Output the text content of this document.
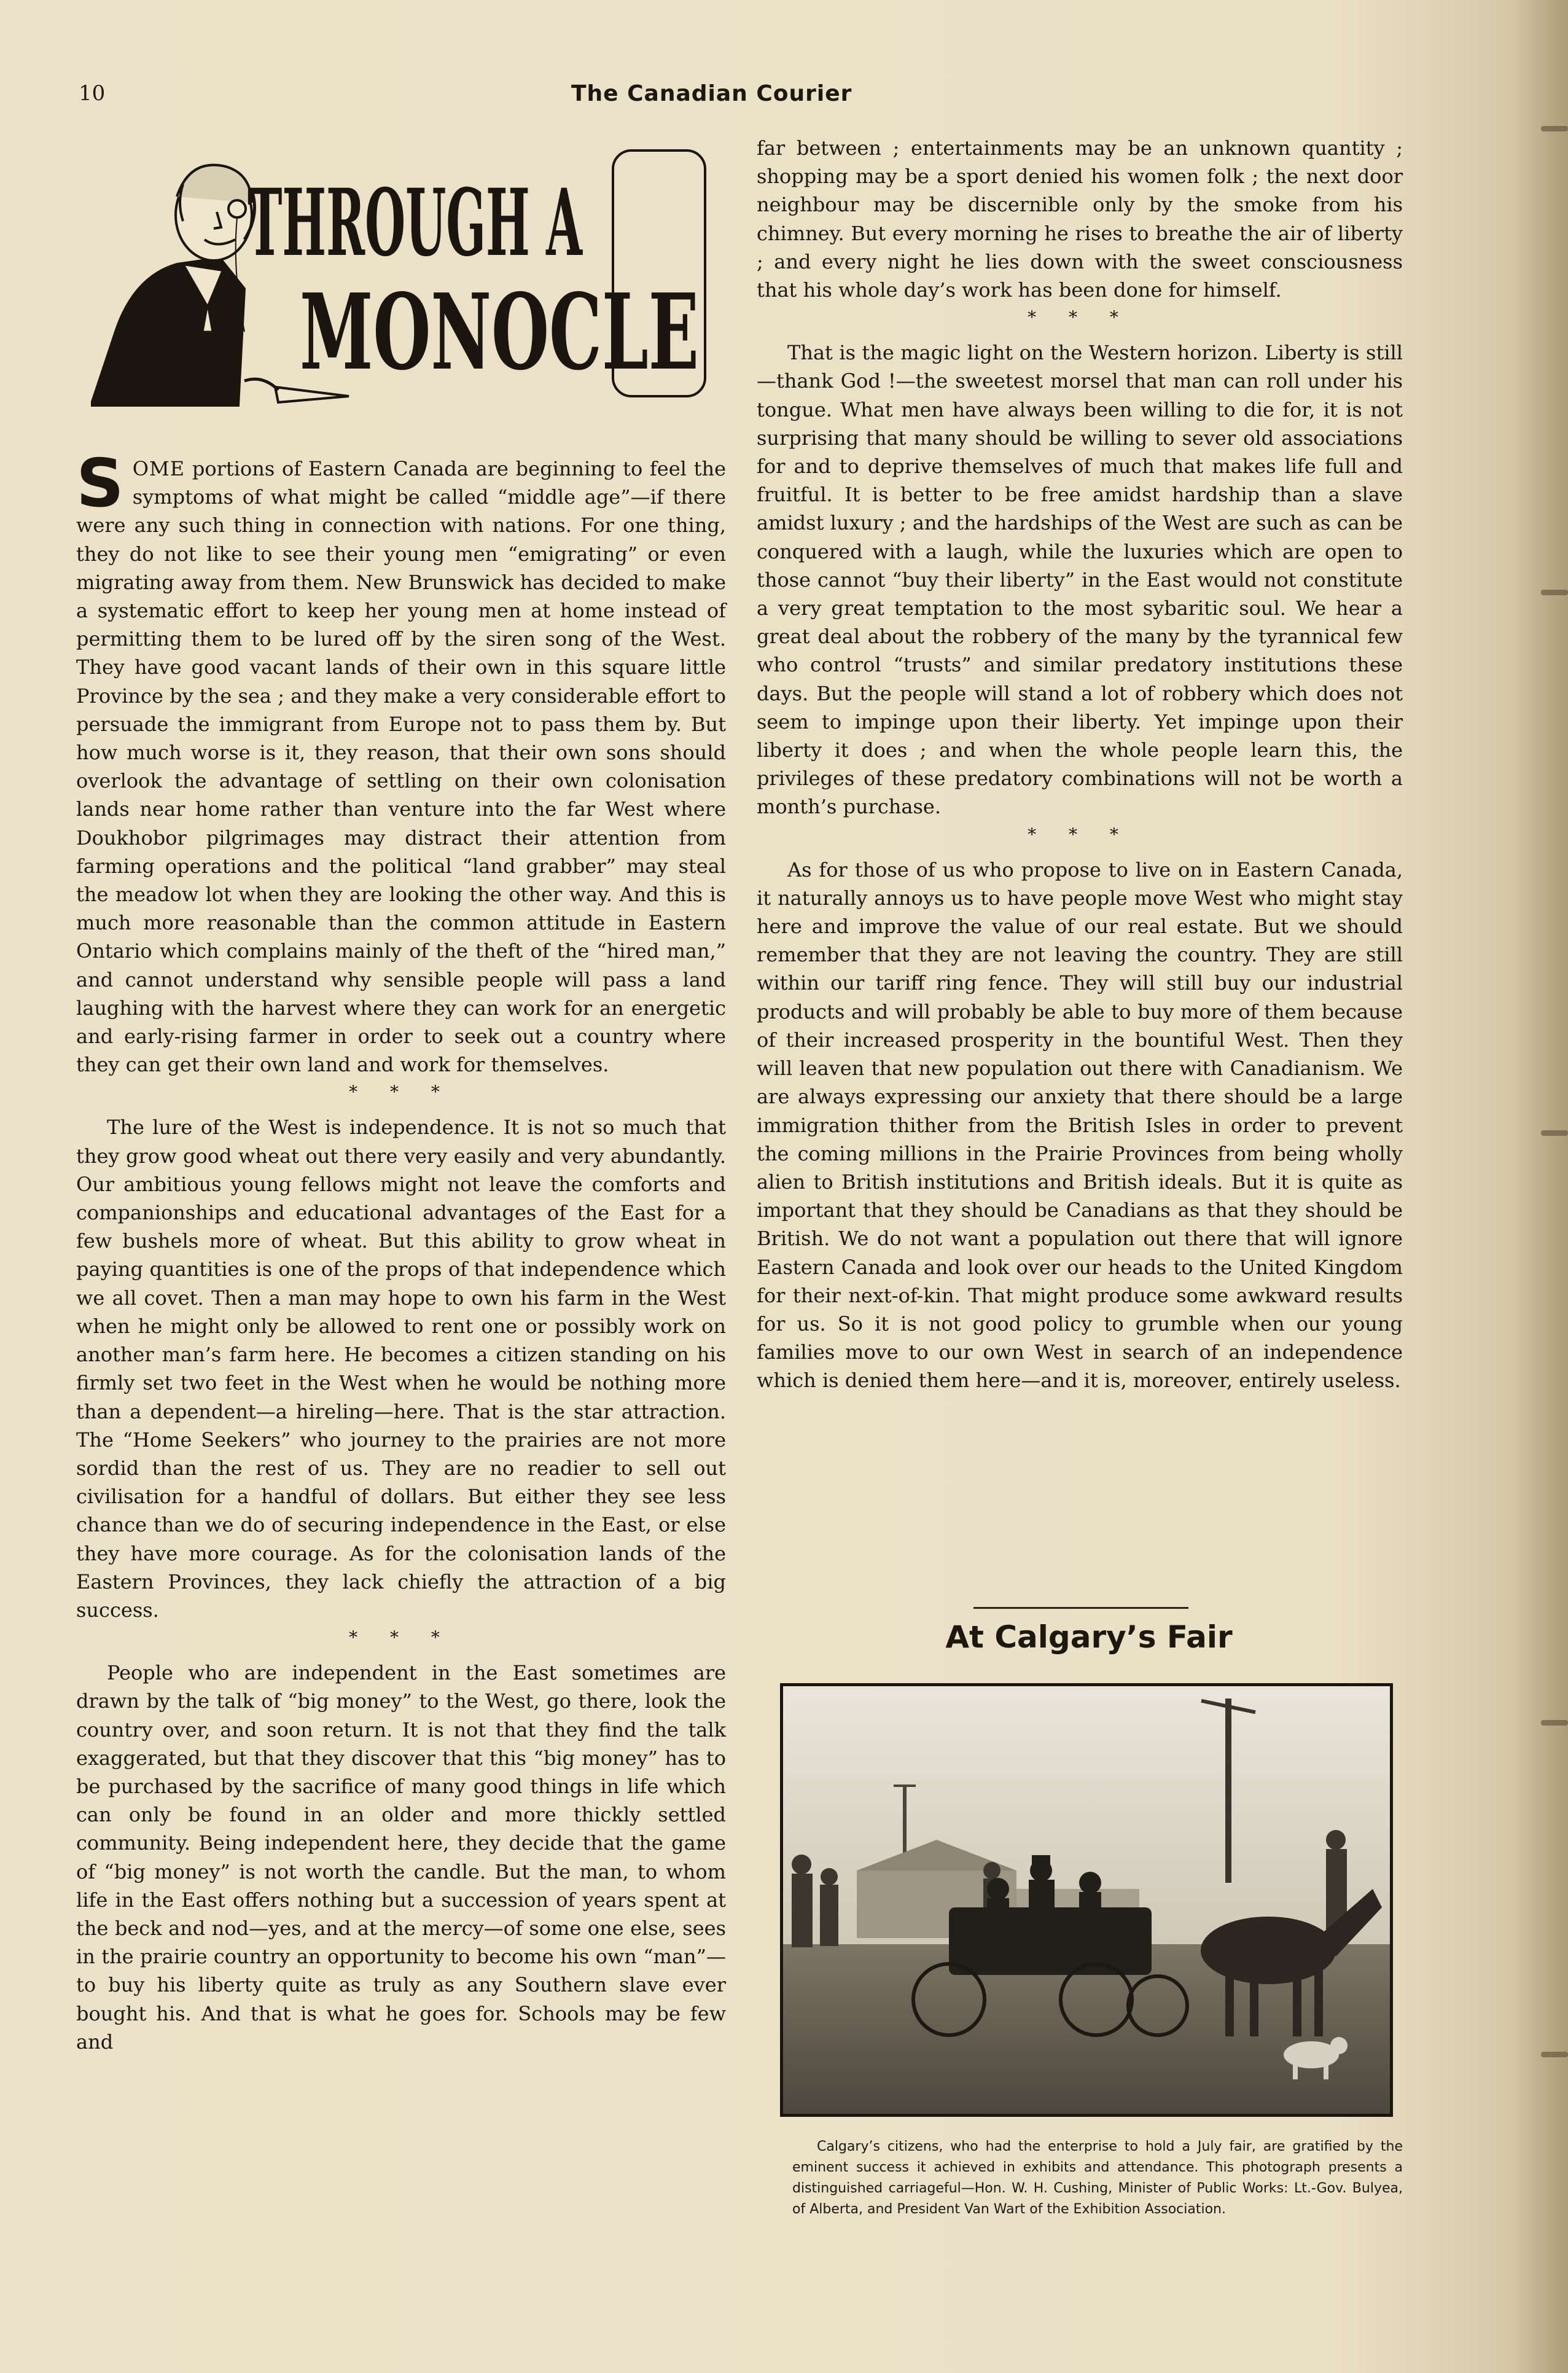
10	The Canadian Courier
THROUGH A
MONOCLE

SOME portions of Eastern Canada are beginning to feel the symptoms of what might be called “middle age”—if there were any such thing in connection with nations. For one thing, they do not like to see their young men “emigrating” or even migrating away from them. New Brunswick has decided to make a systematic effort to keep her young men at home instead of permitting them to be lured off by the siren song of the West. They have good vacant lands of their own in this square little Province by the sea ; and they make a very considerable effort to persuade the immigrant from Europe not to pass them by. But how much worse is it, they reason, that their own sons should overlook the advantage of settling on their own colonisation lands near home rather than venture into the far West where Doukhobor pilgrimages may distract their attention from farming operations and the political “land grabber” may steal the meadow lot when they are looking the other way. And this is much more reasonable than the common attitude in Eastern Ontario which complains mainly of the theft of the “hired man,” and cannot understand why sensible people will pass a land laughing with the harvest where they can work for an energetic and early-rising farmer in order to seek out a country where they can get their own land and work for themselves.

* * *

The lure of the West is independence. It is not so much that they grow good wheat out there very easily and very abundantly. Our ambitious young fellows might not leave the comforts and companionships and educational advantages of the East for a few bushels more of wheat. But this ability to grow wheat in paying quantities is one of the props of that independence which we all covet. Then a man may hope to own his farm in the West when he might only be allowed to rent one or possibly work on another man’s farm here. He becomes a citizen standing on his firmly set two feet in the West when he would be nothing more than a dependent—a hireling—here. That is the star attraction. The “Home Seekers” who journey to the prairies are not more sordid than the rest of us. They are no readier to sell out civilisation for a handful of dollars. But either they see less chance than we do of securing independence in the East, or else they have more courage. As for the colonisation lands of the Eastern Provinces, they lack chiefly the attraction of a big success.

* * *

People who are independent in the East sometimes are drawn by the talk of “big money” to the West, go there, look the country over, and soon return. It is not that they find the talk exaggerated, but that they discover that this “big money” has to be purchased by the sacrifice of many good things in life which can only be found in an older and more thickly settled community. Being independent here, they decide that the game of “big money” is not worth the candle. But the man, to whom life in the East offers nothing but a succession of years spent at the beck and nod—yes, and at the mercy—of some one else, sees in the prairie country an opportunity to become his own “man”—to buy his liberty quite as truly as any Southern slave ever bought his. And that is what he goes for. Schools may be few and

far between ; entertainments may be an unknown quantity ; shopping may be a sport denied his women folk ; the next door neighbour may be discernible only by the smoke from his chimney. But every morning he rises to breathe the air of liberty ; and every night he lies down with the sweet consciousness that his whole day’s work has been done for himself.

* * *

That is the magic light on the Western horizon. Liberty is still—thank God !—the sweetest morsel that man can roll under his tongue. What men have always been willing to die for, it is not surprising that many should be willing to sever old associations for and to deprive themselves of much that makes life full and fruitful. It is better to be free amidst hardship than a slave amidst luxury ; and the hardships of the West are such as can be conquered with a laugh, while the luxuries which are open to those cannot “buy their liberty” in the East would not constitute a very great temptation to the most sybaritic soul. We hear a great deal about the robbery of the many by the tyrannical few who control “trusts” and similar predatory institutions these days. But the people will stand a lot of robbery which does not seem to impinge upon their liberty. Yet impinge upon their liberty it does ; and when the whole people learn this, the privileges of these predatory combinations will not be worth a month’s purchase.

* * *

As for those of us who propose to live on in Eastern Canada, it naturally annoys us to have people move West who might stay here and improve the value of our real estate. But we should remember that they are not leaving the country. They are still within our tariff ring fence. They will still buy our industrial products and will probably be able to buy more of them because of their increased prosperity in the bountiful West. Then they will leaven that new population out there with Canadianism. We are always expressing our anxiety that there should be a large immigration thither from the British Isles in order to prevent the coming millions in the Prairie Provinces from being wholly alien to British institutions and British ideals. But it is quite as important that they should be Canadians as that they should be British. We do not want a population out there that will ignore Eastern Canada and look over our heads to the United Kingdom for their next-of-kin. That might produce some awkward results for us. So it is not good policy to grumble when our young families move to our own West in search of an independence which is denied them here—and it is, moreover, entirely useless.

At Calgary’s Fair
Calgary’s citizens, who had the enterprise to hold a July fair, are gratified by the eminent success it achieved in exhibits and attendance. This photograph presents a distinguished carriageful—Hon. W. H. Cushing, Minister of Public Works: Lt.-Gov. Bulyea, of Alberta, and President Van Wart of the Exhibition Association.
